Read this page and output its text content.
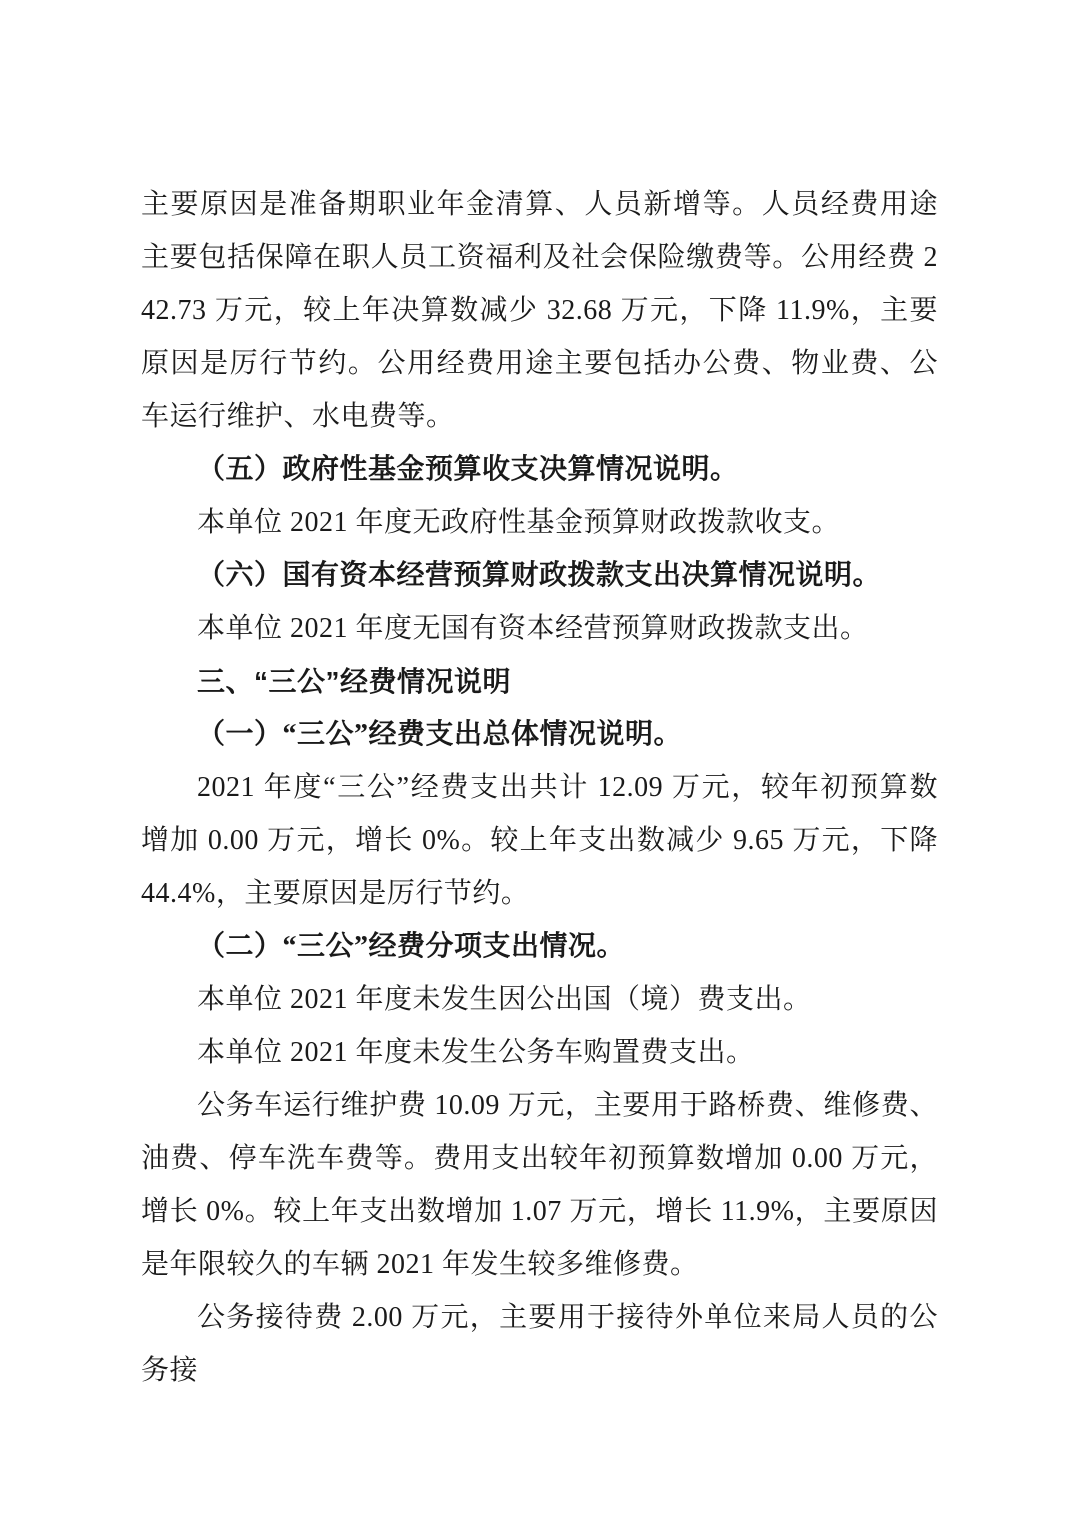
主要原因是准备期职业年金清算、人员新增等。人员经费用途主要包括保障在职人员工资福利及社会保险缴费等。公用经费 242.73 万元，较上年决算数减少 32.68 万元，下降 11.9%，主要原因是厉行节约。公用经费用途主要包括办公费、物业费、公车运行维护、水电费等。

（五）政府性基金预算收支决算情况说明。

本单位 2021 年度无政府性基金预算财政拨款收支。

（六）国有资本经营预算财政拨款支出决算情况说明。

本单位 2021 年度无国有资本经营预算财政拨款支出。

三、“三公”经费情况说明

（一）“三公”经费支出总体情况说明。

2021 年度“三公”经费支出共计 12.09 万元，较年初预算数增加 0.00 万元，增长 0%。较上年支出数减少 9.65 万元，下降 44.4%，主要原因是厉行节约。

（二）“三公”经费分项支出情况。

本单位 2021 年度未发生因公出国（境）费支出。

本单位 2021 年度未发生公务车购置费支出。

公务车运行维护费 10.09 万元，主要用于路桥费、维修费、油费、停车洗车费等。费用支出较年初预算数增加 0.00 万元，增长 0%。较上年支出数增加 1.07 万元，增长 11.9%，主要原因是年限较久的车辆 2021 年发生较多维修费。

公务接待费 2.00 万元，主要用于接待外单位来局人员的公务接
